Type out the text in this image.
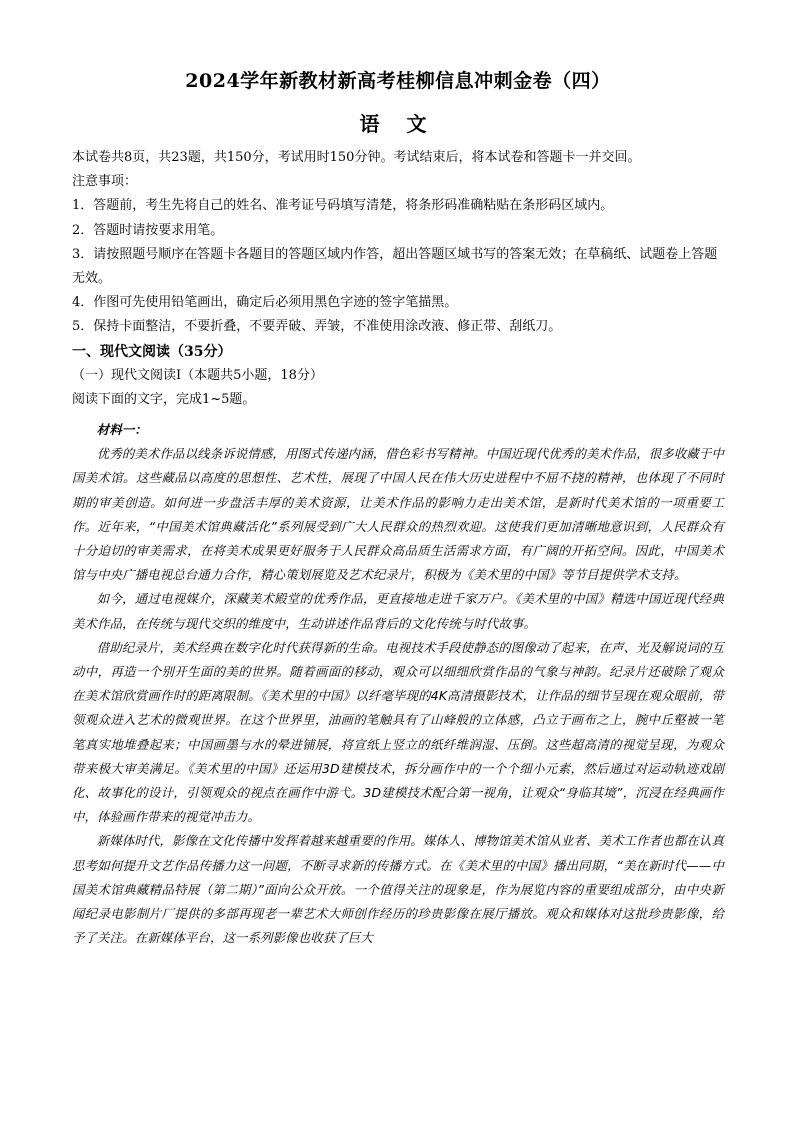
2024学年新教材新高考桂柳信息冲刺金卷（四）
语 文

本试卷共8页，共23题，共150分，考试用时150分钟。考试结束后，将本试卷和答题卡一并交回。

注意事项：

1．答题前，考生先将自己的姓名、准考证号码填写清楚，将条形码准确粘贴在条形码区域内。

2．答题时请按要求用笔。

3．请按照题号顺序在答题卡各题目的答题区域内作答，超出答题区域书写的答案无效；在草稿纸、试题卷上答题无效。

4．作图可先使用铅笔画出，确定后必须用黑色字迹的签字笔描黑。

5．保持卡面整洁，不要折叠，不要弄破、弄皱，不准使用涂改液、修正带、刮纸刀。

一、现代文阅读（35分）

（一）现代文阅读I（本题共5小题，18分）

阅读下面的文字，完成1~5题。

材料一：

优秀的美术作品以线条诉说情感，用图式传递内涵，借色彩书写精神。中国近现代优秀的美术作品，很多收藏于中国美术馆。这些藏品以高度的思想性、艺术性，展现了中国人民在伟大历史进程中不屈不挠的精神，也体现了不同时期的审美创造。如何进一步盘活丰厚的美术资源，让美术作品的影响力走出美术馆，是新时代美术馆的一项重要工作。近年来，“中国美术馆典藏活化”系列展受到广大人民群众的热烈欢迎。这使我们更加清晰地意识到，人民群众有十分迫切的审美需求，在将美术成果更好服务于人民群众高品质生活需求方面，有广阔的开拓空间。因此，中国美术馆与中央广播电视总台通力合作，精心策划展览及艺术纪录片，积极为《美术里的中国》等节目提供学术支持。

如今，通过电视媒介，深藏美术殿堂的优秀作品，更直接地走进千家万户。《美术里的中国》精选中国近现代经典美术作品，在传统与现代交织的维度中，生动讲述作品背后的文化传统与时代故事。

借助纪录片，美术经典在数字化时代获得新的生命。电视技术手段使静态的图像动了起来，在声、光及解说词的互动中，再造一个别开生面的美的世界。随着画面的移动，观众可以细细欣赏作品的气象与神韵。纪录片还破除了观众在美术馆欣赏画作时的距离限制。《美术里的中国》以纤毫毕现的4K高清摄影技术，让作品的细节呈现在观众眼前，带领观众进入艺术的微观世界。在这个世界里，油画的笔触具有了山峰般的立体感，凸立于画布之上，腕中丘壑被一笔笔真实地堆叠起来；中国画墨与水的晕进铺展，将宣纸上竖立的纸纤维润湿、压倒。这些超高清的视觉呈现，为观众带来极大审美满足。《美术里的中国》还运用3D建模技术，拆分画作中的一个个细小元素，然后通过对运动轨迹戏剧化、故事化的设计，引领观众的视点在画作中游弋。3D建模技术配合第一视角，让观众“身临其境”，沉浸在经典画作中，体验画作带来的视觉冲击力。

新媒体时代，影像在文化传播中发挥着越来越重要的作用。媒体人、博物馆美术馆从业者、美术工作者也都在认真思考如何提升文艺作品传播力这一问题，不断寻求新的传播方式。在《美术里的中国》播出同期，“美在新时代——中国美术馆典藏精品特展（第二期）”面向公众开放。一个值得关注的现象是，作为展览内容的重要组成部分，由中央新闻纪录电影制片厂提供的多部再现老一辈艺术大师创作经历的珍贵影像在展厅播放。观众和媒体对这批珍贵影像，给予了关注。在新媒体平台，这一系列影像也收获了巨大
